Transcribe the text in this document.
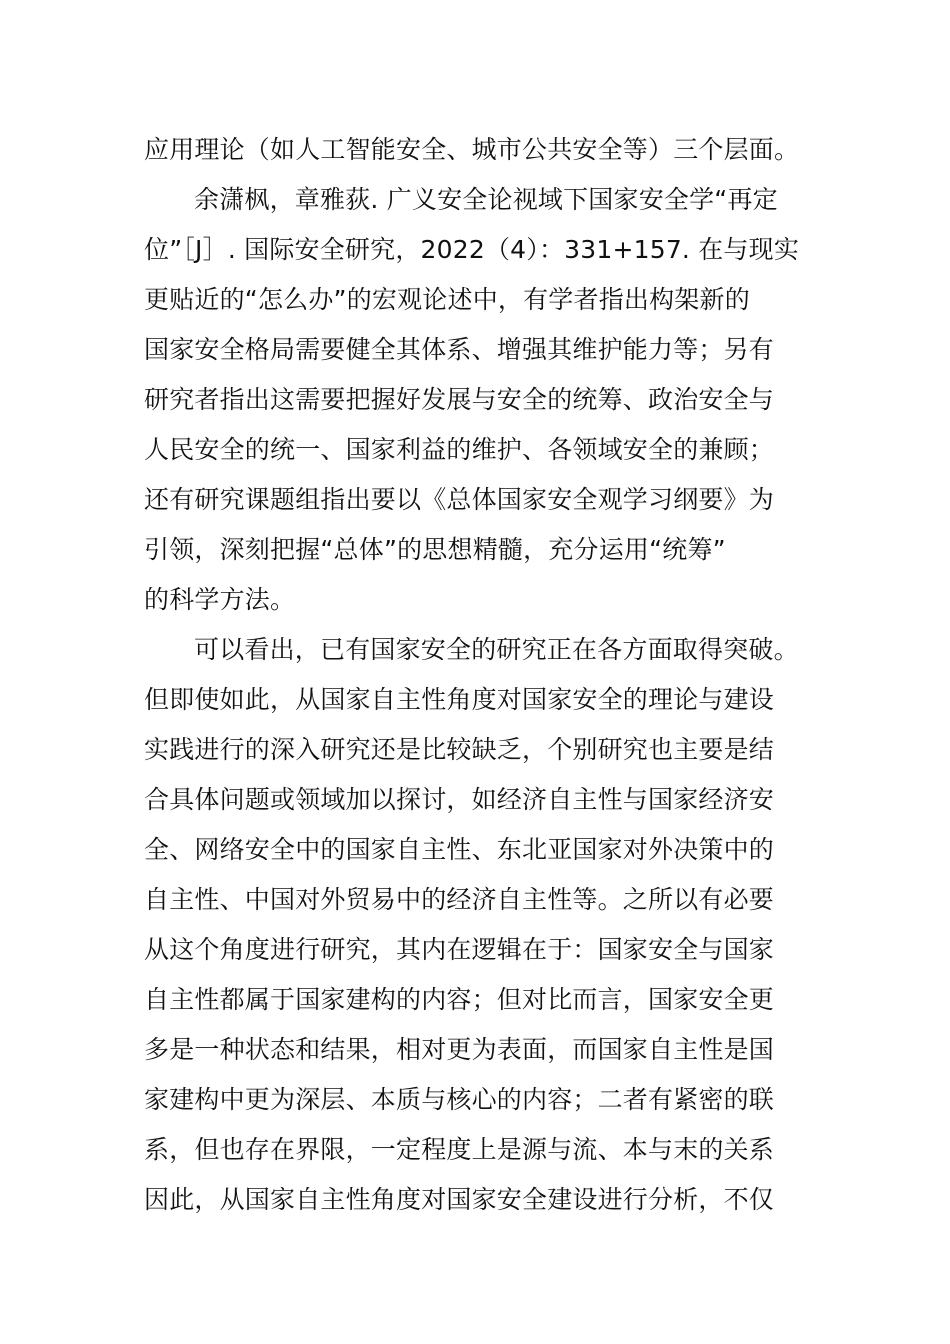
应用理论（如人工智能安全、城市公共安全等）三个层面。
余潇枫，章雅荻. 广义安全论视域下国家安全学“再定
位”［J］. 国际安全研究，2022（4）：331+157. 在与现实
更贴近的“怎么办”的宏观论述中，有学者指出构架新的
国家安全格局需要健全其体系、增强其维护能力等；另有
研究者指出这需要把握好发展与安全的统筹、政治安全与
人民安全的统一、国家利益的维护、各领域安全的兼顾；
还有研究课题组指出要以《总体国家安全观学习纲要》为
引领，深刻把握“总体”的思想精髓，充分运用“统筹”
的科学方法。
可以看出，已有国家安全的研究正在各方面取得突破。
但即使如此，从国家自主性角度对国家安全的理论与建设
实践进行的深入研究还是比较缺乏，个别研究也主要是结
合具体问题或领域加以探讨，如经济自主性与国家经济安
全、网络安全中的国家自主性、东北亚国家对外决策中的
自主性、中国对外贸易中的经济自主性等。之所以有必要
从这个角度进行研究，其内在逻辑在于：国家安全与国家
自主性都属于国家建构的内容；但对比而言，国家安全更
多是一种状态和结果，相对更为表面，而国家自主性是国
家建构中更为深层、本质与核心的内容；二者有紧密的联
系，但也存在界限，一定程度上是源与流、本与末的关系
因此，从国家自主性角度对国家安全建设进行分析，不仅
